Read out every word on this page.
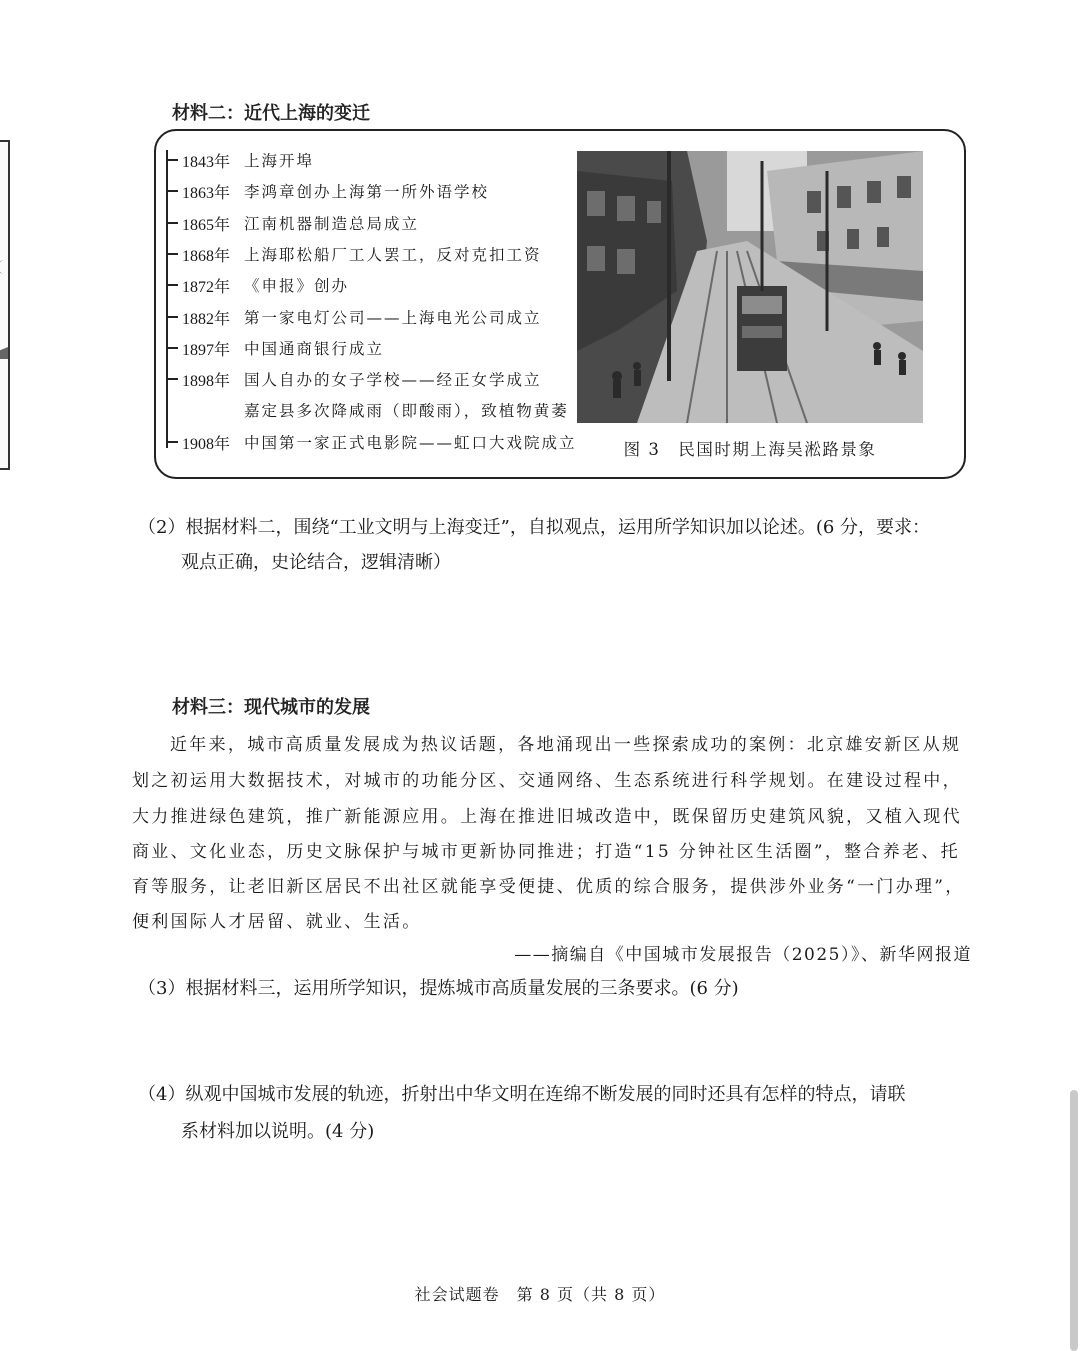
材料二：近代上海的变迁
1843年 上海开埠
1863年 李鸿章创办上海第一所外语学校
1865年 江南机器制造总局成立
1868年 上海耶松船厂工人罢工，反对克扣工资
1872年 《申报》创办
1882年 第一家电灯公司——上海电光公司成立
1897年 中国通商银行成立
1898年 国人自办的女子学校——经正女学成立
嘉定县多次降咸雨（即酸雨），致植物黄萎
1908年 中国第一家正式电影院——虹口大戏院成立	图 3　民国时期上海吴淞路景象
（2）根据材料二，围绕“工业文明与上海变迁”，自拟观点，运用所学知识加以论述。(6 分，要求：
观点正确，史论结合，逻辑清晰）
材料三：现代城市的发展
近年来，城市高质量发展成为热议话题，各地涌现出一些探索成功的案例：北京雄安新区从规
划之初运用大数据技术，对城市的功能分区、交通网络、生态系统进行科学规划。在建设过程中，
大力推进绿色建筑，推广新能源应用。上海在推进旧城改造中，既保留历史建筑风貌，又植入现代
商业、文化业态，历史文脉保护与城市更新协同推进；打造“15 分钟社区生活圈”，整合养老、托
育等服务，让老旧新区居民不出社区就能享受便捷、优质的综合服务，提供涉外业务“一门办理”，
便利国际人才居留、就业、生活。
——摘编自《中国城市发展报告（2025）》、新华网报道
（3）根据材料三，运用所学知识，提炼城市高质量发展的三条要求。(6 分)
（4）纵观中国城市发展的轨迹，折射出中华文明在连绵不断发展的同时还具有怎样的特点，请联
系材料加以说明。(4 分)
社会试题卷　第 8 页（共 8 页）
